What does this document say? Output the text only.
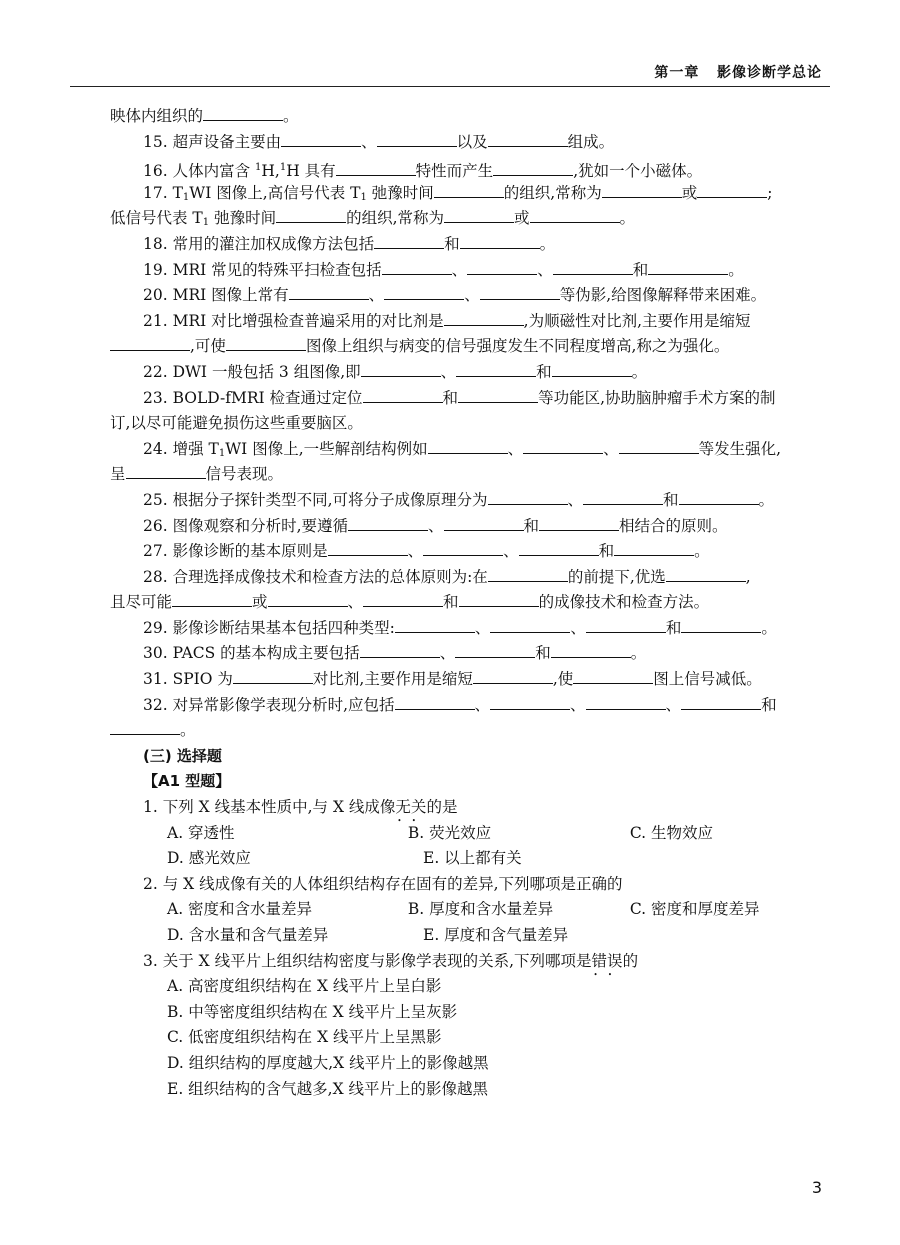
第一章 影像诊断学总论
映体内组织的	。
15. 超声设备主要由	、	以及	组成。
16. 人体内富含 $^1$H,$^1$H 具有	特性而产生	,犹如一个小磁体。
17. $T_1WI$ 图像上,高信号代表 $T_1$ 弛豫时间	的组织,常称为	或	;
低信号代表 $T_1$ 弛豫时间	的组织,常称为	或	。
18. 常用的灌注加权成像方法包括	和	。
19. MRI 常见的特殊平扫检查包括	、	、	和	。
20. MRI 图像上常有	、	、	等伪影,给图像解释带来困难。
21. MRI 对比增强检查普遍采用的对比剂是	,为顺磁性对比剂,主要作用是缩短
,可使	图像上组织与病变的信号强度发生不同程度增高,称之为强化。
22. DWI 一般包括 3 组图像,即	、	和	。
23. BOLD-fMRI 检查通过定位	和	等功能区,协助脑肿瘤手术方案的制
订,以尽可能避免损伤这些重要脑区。
24. 增强 $T_1WI$ 图像上,一些解剖结构例如	、	、	等发生强化,
呈	信号表现。
25. 根据分子探针类型不同,可将分子成像原理分为	、	和	。
26. 图像观察和分析时,要遵循	、	和	相结合的原则。
27. 影像诊断的基本原则是	、	、	和	。
28. 合理选择成像技术和检查方法的总体原则为:在	的前提下,优选	,
且尽可能	或	、	和	的成像技术和检查方法。
29. 影像诊断结果基本包括四种类型:	、	、	和	。
30. PACS 的基本构成主要包括	、	和	。
31. SPIO 为	对比剂,主要作用是缩短	,使	图上信号减低。
32. 对异常影像学表现分析时,应包括	、	、	、	和
。
(三) 选择题
【A1 型题】
1. 下列 X 线基本性质中,与 X 线成像无关 • •的是
A. 穿透性	B. 荧光效应	C. 生物效应
D. 感光效应	E. 以上都有关
2. 与 X 线成像有关的人体组织结构存在固有的差异,下列哪项是正确的
A. 密度和含水量差异	B. 厚度和含水量差异	C. 密度和厚度差异
D. 含水量和含气量差异	E. 厚度和含气量差异
3. 关于 X 线平片上组织结构密度与影像学表现的关系,下列哪项是错误 • •的
A. 高密度组织结构在 X 线平片上呈白影
B. 中等密度组织结构在 X 线平片上呈灰影
C. 低密度组织结构在 X 线平片上呈黑影
D. 组织结构的厚度越大,X 线平片上的影像越黑
E. 组织结构的含气越多,X 线平片上的影像越黑
3
